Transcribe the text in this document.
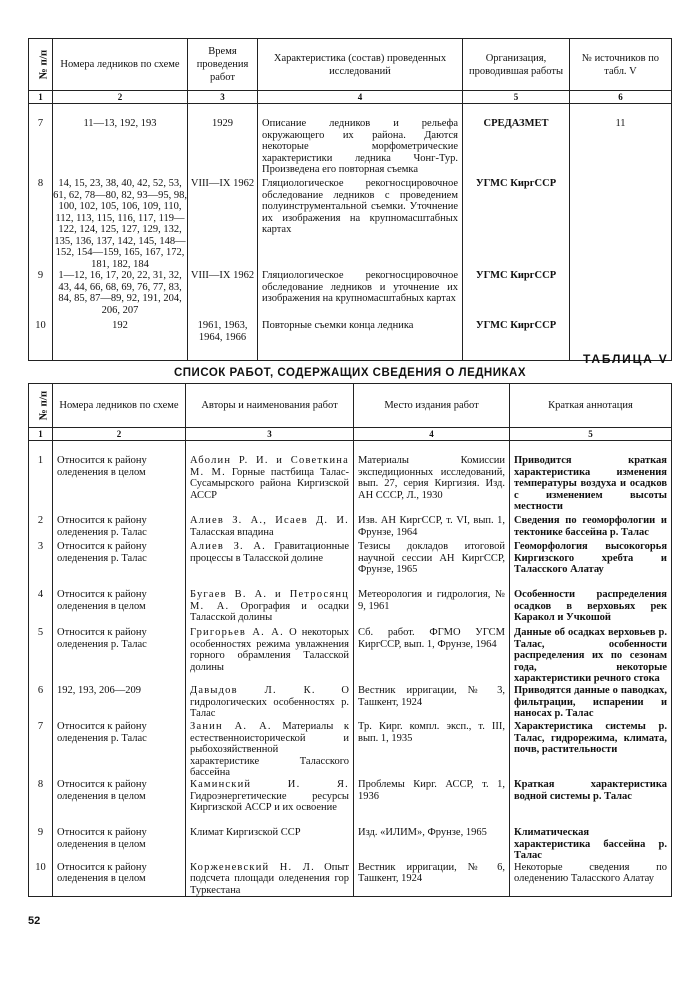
№ п/п	Номера ледников по схеме	Время проведения работ	Характеристика (состав) проведенных исследований	Организация, проводившая работы	№ источников по табл. V
1	2	3	4	5	6

7	11—13, 192, 193	1929	Описание ледников и рельефа окружающего их района. Даются некоторые морфометрические характеристики ледника Чонг-Тур. Произведена его повторная съемка	СРЕДАЗМЕТ	11
8	14, 15, 23, 38, 40, 42, 52, 53, 61, 62, 78—80, 82, 93—95, 98, 100, 102, 105, 106, 109, 110, 112, 113, 115, 116, 117, 119—122, 124, 125, 127, 129, 132, 135, 136, 137, 142, 145, 148—152, 154—159, 165, 167, 172, 181, 182, 184	VIII—IX 1962	Гляциологическое рекогносцировочное обследование ледников с проведением полуинструментальной съемки. Уточнение их изображения на крупномасштабных картах	УГМС КиргССР	
9	1—12, 16, 17, 20, 22, 31, 32, 43, 44, 66, 68, 69, 76, 77, 83, 84, 85, 87—89, 92, 191, 204, 206, 207	VIII—IX 1962	Гляциологическое рекогносцировочное обследование ледников и уточнение их изображения на крупномасштабных картах	УГМС КиргССР	
10	192	1961, 1963, 1964, 1966	Повторные съемки конца ледника	УГМС КиргССР	
ТАБЛИЦА V
СПИСОК РАБОТ, СОДЕРЖАЩИХ СВЕДЕНИЯ О ЛЕДНИКАХ
№ п/п	Номера ледников по схеме	Авторы и наименования работ	Место издания работ	Краткая аннотация
1	2	3	4	5

1	Относится к району оледенения в целом	Аболин Р. И. и Советкина М. М. Горные пастбища Талас-Сусамырского района Киргизской АССР	Материалы Комиссии экспедиционных исследований, вып. 27, серия Киргизия. Изд. АН СССР, Л., 1930	Приводится краткая характеристика изменения температуры воздуха и осадков с изменением высоты местности
2	Относится к району оледенения р. Талас	Алиев З. А., Исаев Д. И. Таласская впадина	Изв. АН КиргССР, т. VI, вып. 1, Фрунзе, 1964	Сведения по геоморфологии и тектонике бассейна р. Талас
3	Относится к району оледенения р. Талас	Алиев З. А. Гравитационные процессы в Таласской долине	Тезисы докладов итоговой научной сессии АН КиргССР, Фрунзе, 1965	Геоморфология высокогорья Киргизского хребта и Таласского Алатау
4	Относится к району оледенения в целом	Бугаев В. А. и Петросянц М. А. Орография и осадки Таласской долины	Метеорология и гидрология, № 9, 1961	Особенности распределения осадков в верховьях рек Каракол и Учкошой
5	Относится к району оледенения р. Талас	Григорьев А. А. О некоторых особенностях режима увлажнения горного обрамления Таласской долины	Сб. работ. ФГМО УГСМ КиргССР, вып. 1, Фрунзе, 1964	Данные об осадках верховьев р. Талас, особенности распределения их по сезонам года, некоторые характеристики речного стока
6	192, 193, 206—209	Давыдов Л. К. О гидрологических особенностях р. Талас	Вестник ирригации, № 3, Ташкент, 1924	Приводятся данные о паводках, фильтрации, испарении и наносах р. Талас
7	Относится к району оледенения р. Талас	Занин А. А. Материалы к естественноисторической и рыбохозяйственной характеристике Таласского бассейна	Тр. Кирг. компл. эксп., т. III, вып. 1, 1935	Характеристика системы р. Талас, гидрорежима, климата, почв, растительности
8	Относится к району оледенения в целом	Каминский И. Я. Гидроэнергетические ресурсы Киргизской АССР и их освоение	Проблемы Кирг. АССР, т. 1, 1936	Краткая характеристика водной системы р. Талас
9	Относится к району оледенения в целом	Климат Киргизской ССР	Изд. «ИЛИМ», Фрунзе, 1965	Климатическая характеристика бассейна р. Талас
10	Относится к району оледенения в целом	Корженевский Н. Л. Опыт подсчета площади оледенения гор Туркестана	Вестник ирригации, № 6, Ташкент, 1924	Некоторые сведения по оледенению Таласского Алатау
52
